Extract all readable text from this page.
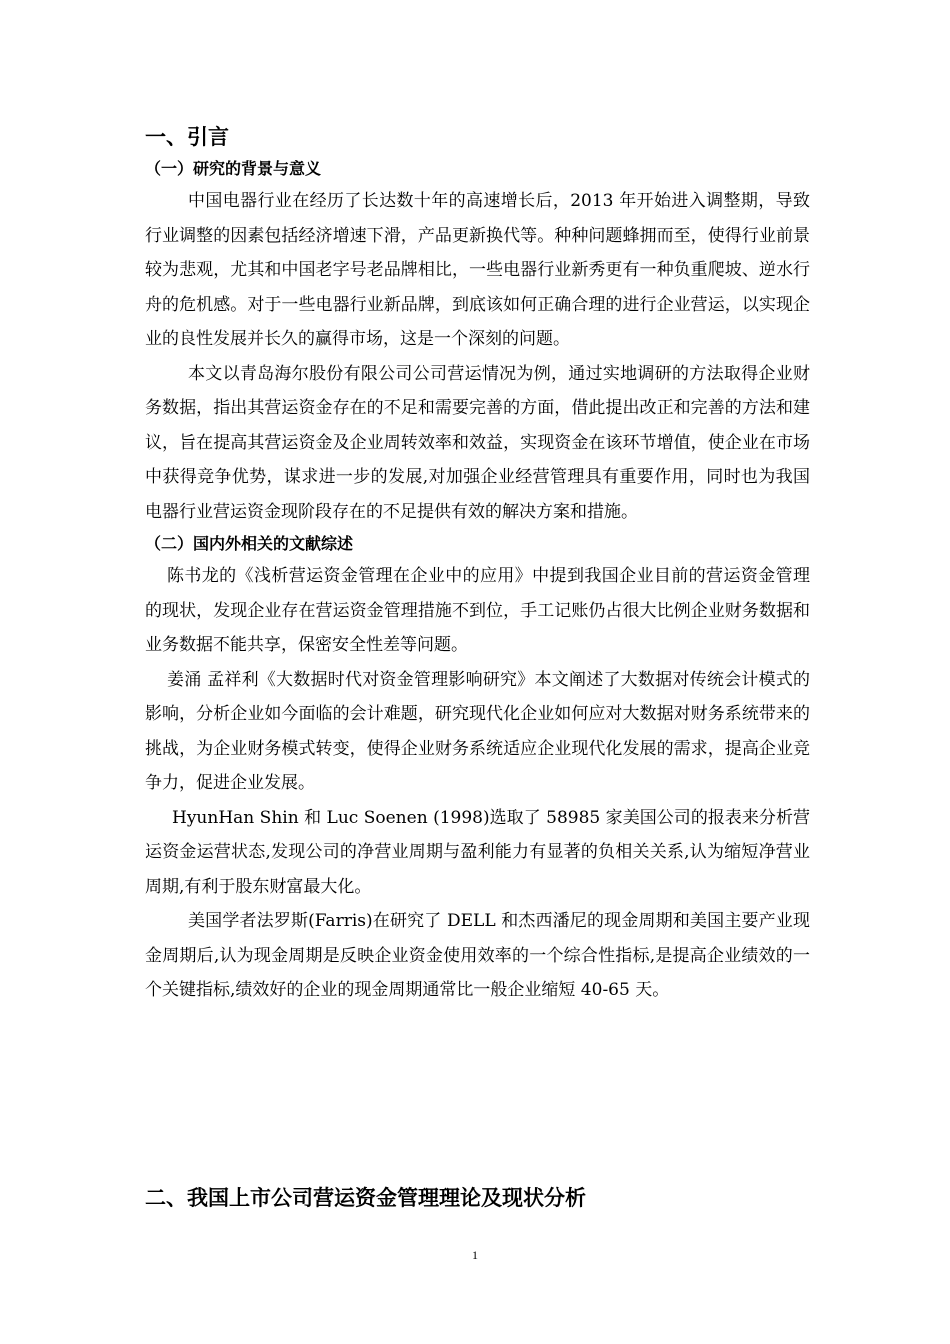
一、引言
（一）研究的背景与意义

中国电器行业在经历了长达数十年的高速增长后，2013 年开始进入调整期，导致行业调整的因素包括经济增速下滑，产品更新换代等。种种问题蜂拥而至，使得行业前景较为悲观，尤其和中国老字号老品牌相比，一些电器行业新秀更有一种负重爬坡、逆水行舟的危机感。对于一些电器行业新品牌，到底该如何正确合理的进行企业营运，以实现企业的良性发展并长久的赢得市场，这是一个深刻的问题。

本文以青岛海尔股份有限公司公司营运情况为例，通过实地调研的方法取得企业财务数据，指出其营运资金存在的不足和需要完善的方面，借此提出改正和完善的方法和建议，旨在提高其营运资金及企业周转效率和效益，实现资金在该环节增值，使企业在市场中获得竞争优势，谋求进一步的发展,对加强企业经营管理具有重要作用，同时也为我国电器行业营运资金现阶段存在的不足提供有效的解决方案和措施。

（二）国内外相关的文献综述

陈书龙的《浅析营运资金管理在企业中的应用》中提到我国企业目前的营运资金管理的现状，发现企业存在营运资金管理措施不到位，手工记账仍占很大比例企业财务数据和业务数据不能共享，保密安全性差等问题。

姜涌 孟祥利《大数据时代对资金管理影响研究》本文阐述了大数据对传统会计模式的影响，分析企业如今面临的会计难题，研究现代化企业如何应对大数据对财务系统带来的挑战，为企业财务模式转变，使得企业财务系统适应企业现代化发展的需求，提高企业竞争力，促进企业发展。

HyunHan Shin 和 Luc Soenen (1998)选取了 58985 家美国公司的报表来分析营运资金运营状态,发现公司的净营业周期与盈利能力有显著的负相关关系,认为缩短净营业周期,有利于股东财富最大化。

美国学者法罗斯(Farris)在研究了 DELL 和杰西潘尼的现金周期和美国主要产业现金周期后,认为现金周期是反映企业资金使用效率的一个综合性指标,是提高企业绩效的一个关键指标,绩效好的企业的现金周期通常比一般企业缩短 40-65 天。

二、我国上市公司营运资金管理理论及现状分析
1
